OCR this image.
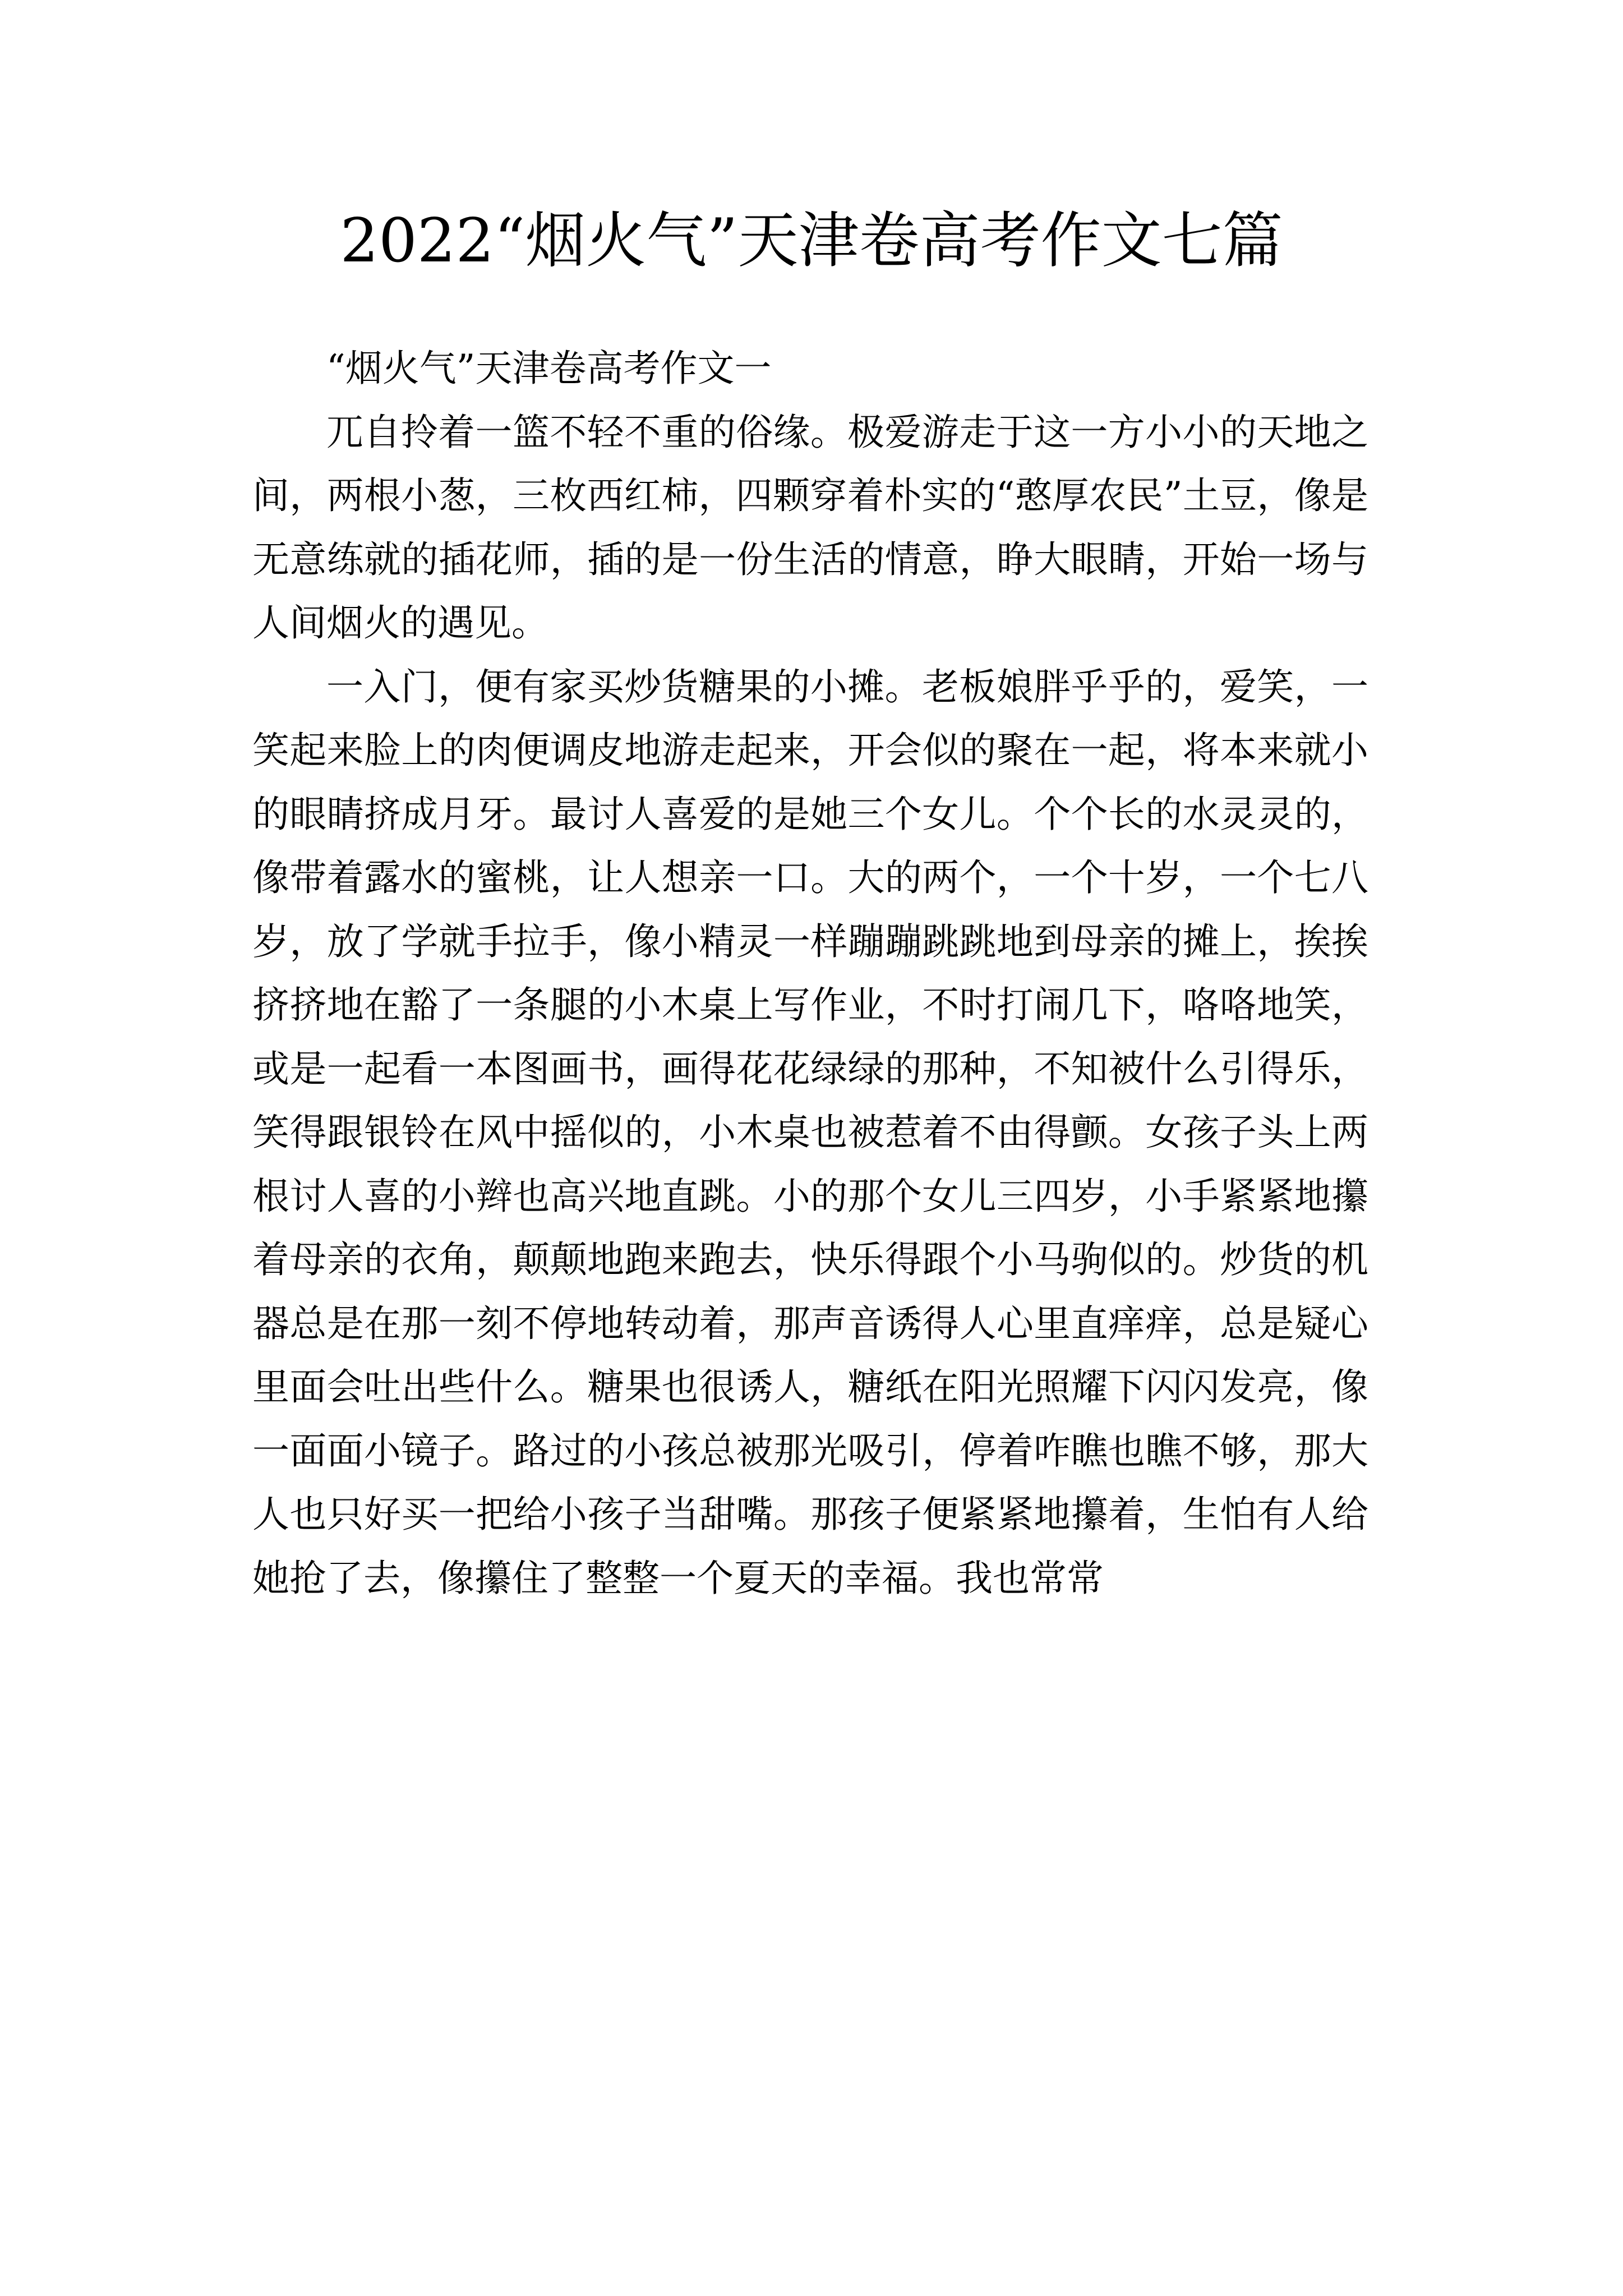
2022“烟火气”天津卷高考作文七篇

“烟火气”天津卷高考作文一

兀自拎着一篮不轻不重的俗缘。极爱游走于这一方小小的天地之间，两根小葱，三枚西红柿，四颗穿着朴实的“憨厚农民”土豆，像是无意练就的插花师，插的是一份生活的情意，睁大眼睛，开始一场与人间烟火的遇见。

一入门，便有家买炒货糖果的小摊。老板娘胖乎乎的，爱笑，一笑起来脸上的肉便调皮地游走起来，开会似的聚在一起，将本来就小的眼睛挤成月牙。最讨人喜爱的是她三个女儿。个个长的水灵灵的，像带着露水的蜜桃，让人想亲一口。大的两个，一个十岁，一个七八岁，放了学就手拉手，像小精灵一样蹦蹦跳跳地到母亲的摊上，挨挨挤挤地在豁了一条腿的小木桌上写作业，不时打闹几下，咯咯地笑，或是一起看一本图画书，画得花花绿绿的那种，不知被什么引得乐，笑得跟银铃在风中摇似的，小木桌也被惹着不由得颤。女孩子头上两根讨人喜的小辫也高兴地直跳。小的那个女儿三四岁，小手紧紧地攥着母亲的衣角，颠颠地跑来跑去，快乐得跟个小马驹似的。炒货的机器总是在那一刻不停地转动着，那声音诱得人心里直痒痒，总是疑心里面会吐出些什么。糖果也很诱人，糖纸在阳光照耀下闪闪发亮，像一面面小镜子。路过的小孩总被那光吸引，停着咋瞧也瞧不够，那大人也只好买一把给小孩子当甜嘴。那孩子便紧紧地攥着，生怕有人给她抢了去，像攥住了整整一个夏天的幸福。我也常常
